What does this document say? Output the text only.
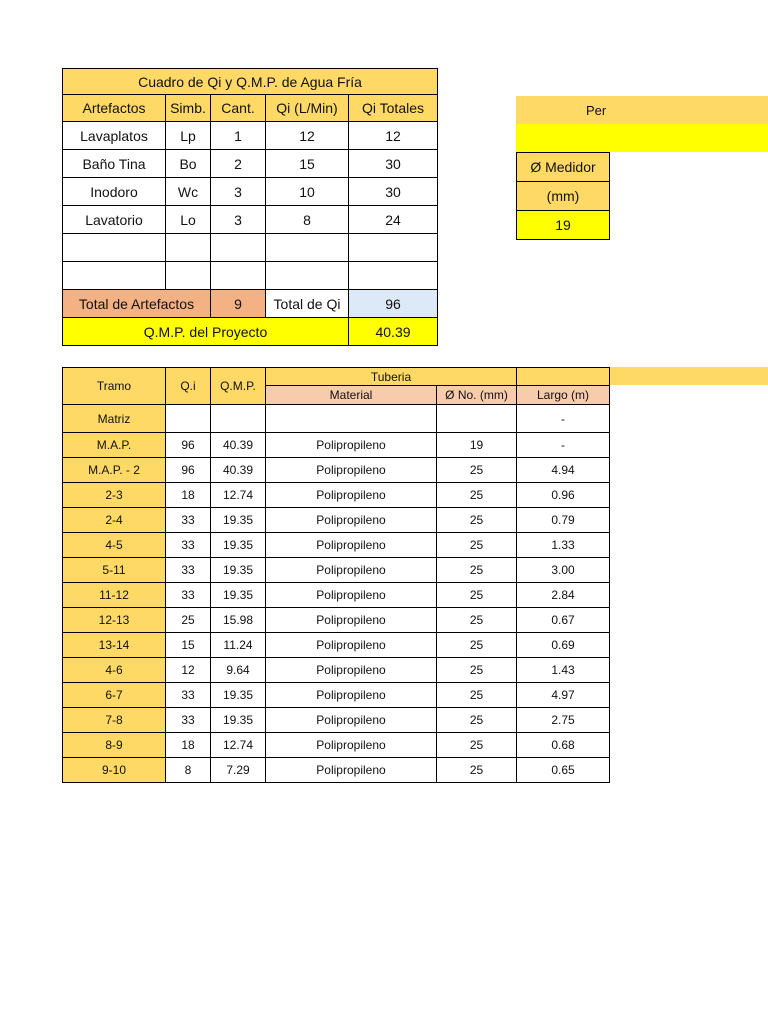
Cuadro de Qi y Q.M.P. de Agua Fría				
Artefactos	Simb.	Cant.	Qi (L/Min)	Qi Totales
Lavaplatos	Lp	1	12	12
Baño Tina	Bo	2	15	30
Inodoro	Wc	3	10	30
Lavatorio	Lo	3	8	24

Total de Artefactos		9	Total de Qi	96
Q.M.P. del Proyecto				40.39
Per
Ø Medidor
(mm)
19
Tramo	Q.i	Q.M.P.	Tuberia		
			Material	Ø No. (mm)	Largo (m)
Matriz					-
M.A.P.	96	40.39	Polipropileno	19	-
M.A.P. - 2	96	40.39	Polipropileno	25	4.94
2-3	18	12.74	Polipropileno	25	0.96
2-4	33	19.35	Polipropileno	25	0.79
4-5	33	19.35	Polipropileno	25	1.33
5-11	33	19.35	Polipropileno	25	3.00
11-12	33	19.35	Polipropileno	25	2.84
12-13	25	15.98	Polipropileno	25	0.67
13-14	15	11.24	Polipropileno	25	0.69
4-6	12	9.64	Polipropileno	25	1.43
6-7	33	19.35	Polipropileno	25	4.97
7-8	33	19.35	Polipropileno	25	2.75
8-9	18	12.74	Polipropileno	25	0.68
9-10	8	7.29	Polipropileno	25	0.65
